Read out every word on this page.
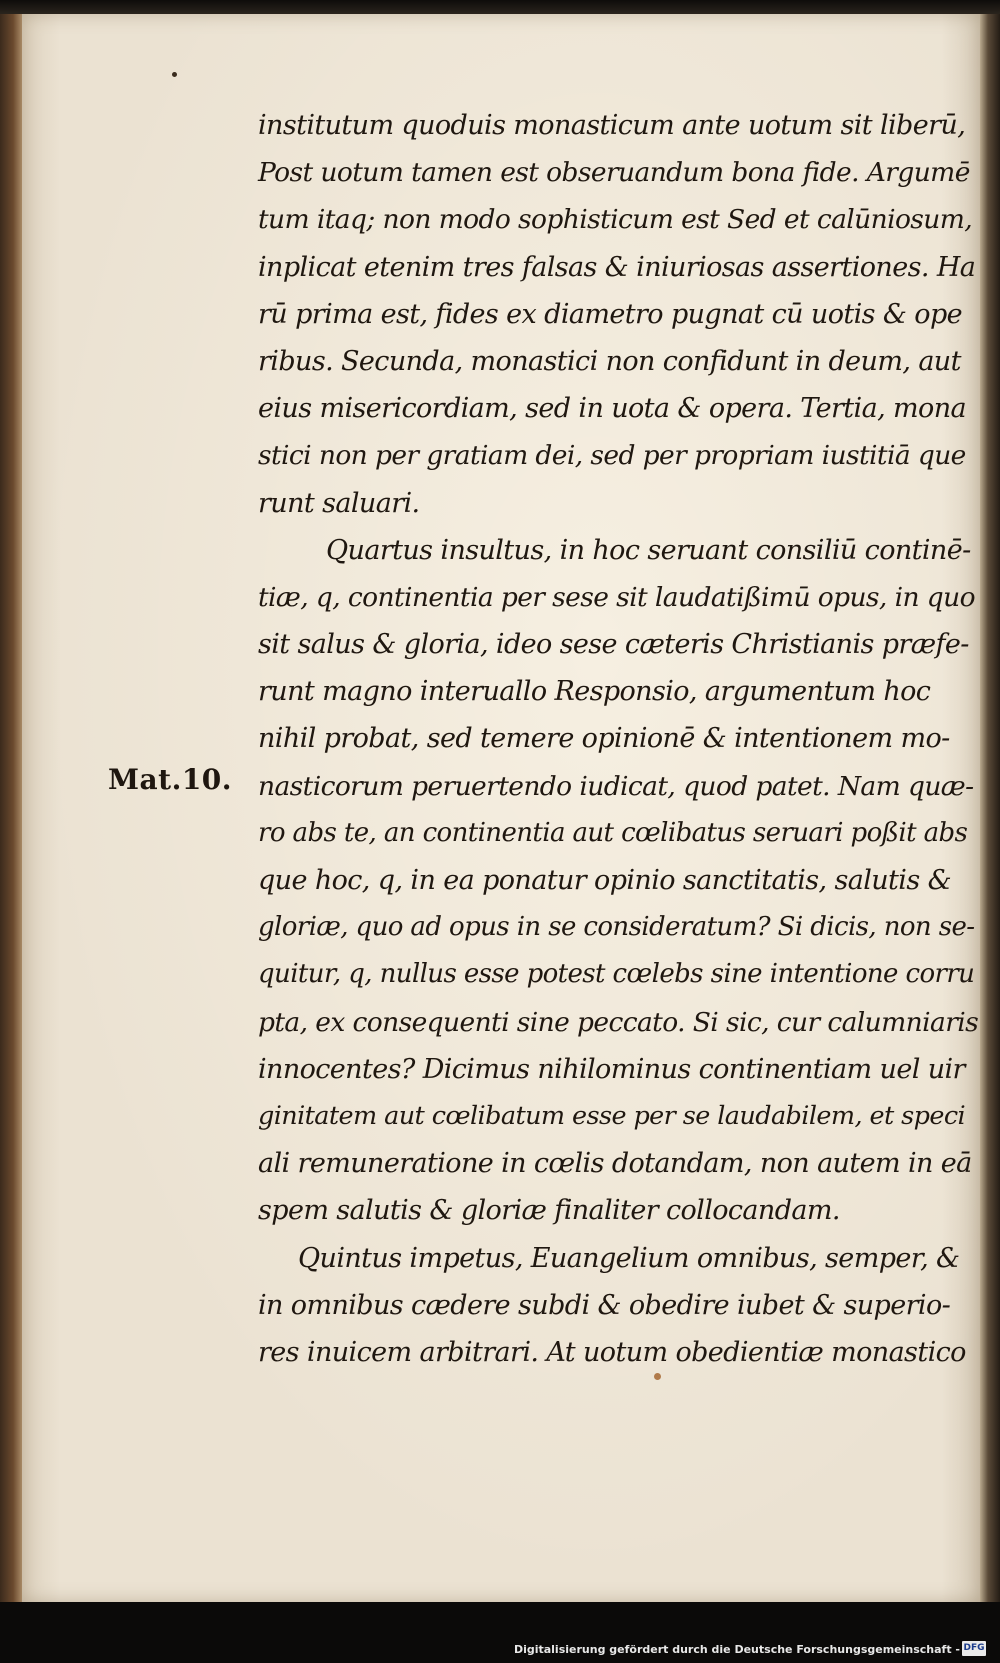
Mat.10.
institutum quoduis monasticum ante uotum sit liberū,
Post uotum tamen est obseruandum bona fide. Argumē
tum itaq; non modo sophisticum est Sed et calūniosum,
inplicat etenim tres falsas & iniuriosas assertiones. Ha
rū prima est, fides ex diametro pugnat cū uotis & ope
ribus. Secunda, monastici non confidunt in deum, aut
eius misericordiam, sed in uota & opera. Tertia, mona
stici non per gratiam dei, sed per propriam iustitiā que
runt saluari.
Quartus insultus, in hoc seruant consiliū continē-
tiæ, q, continentia per sese sit laudatißimū opus, in quo
sit salus & gloria, ideo sese cæteris Christianis præfe-
runt magno interuallo Responsio, argumentum hoc
nihil probat, sed temere opinionē & intentionem mo-
nasticorum peruertendo iudicat, quod patet. Nam quæ-
ro abs te, an continentia aut cœlibatus seruari poßit abs
que hoc, q, in ea ponatur opinio sanctitatis, salutis &
gloriæ, quo ad opus in se consideratum? Si dicis, non se-
quitur, q, nullus esse potest cœlebs sine intentione corru
pta, ex consequenti sine peccato. Si sic, cur calumniaris
innocentes? Dicimus nihilominus continentiam uel uir
ginitatem aut cœlibatum esse per se laudabilem, et speci
ali remuneratione in cœlis dotandam, non autem in eā
spem salutis & gloriæ finaliter collocandam.
Quintus impetus, Euangelium omnibus, semper, &
in omnibus cædere subdi & obedire iubet & superio-
res inuicem arbitrari. At uotum obedientiæ monastico
Digitalisierung gefördert durch die Deutsche Forschungsgemeinschaft - DFG
